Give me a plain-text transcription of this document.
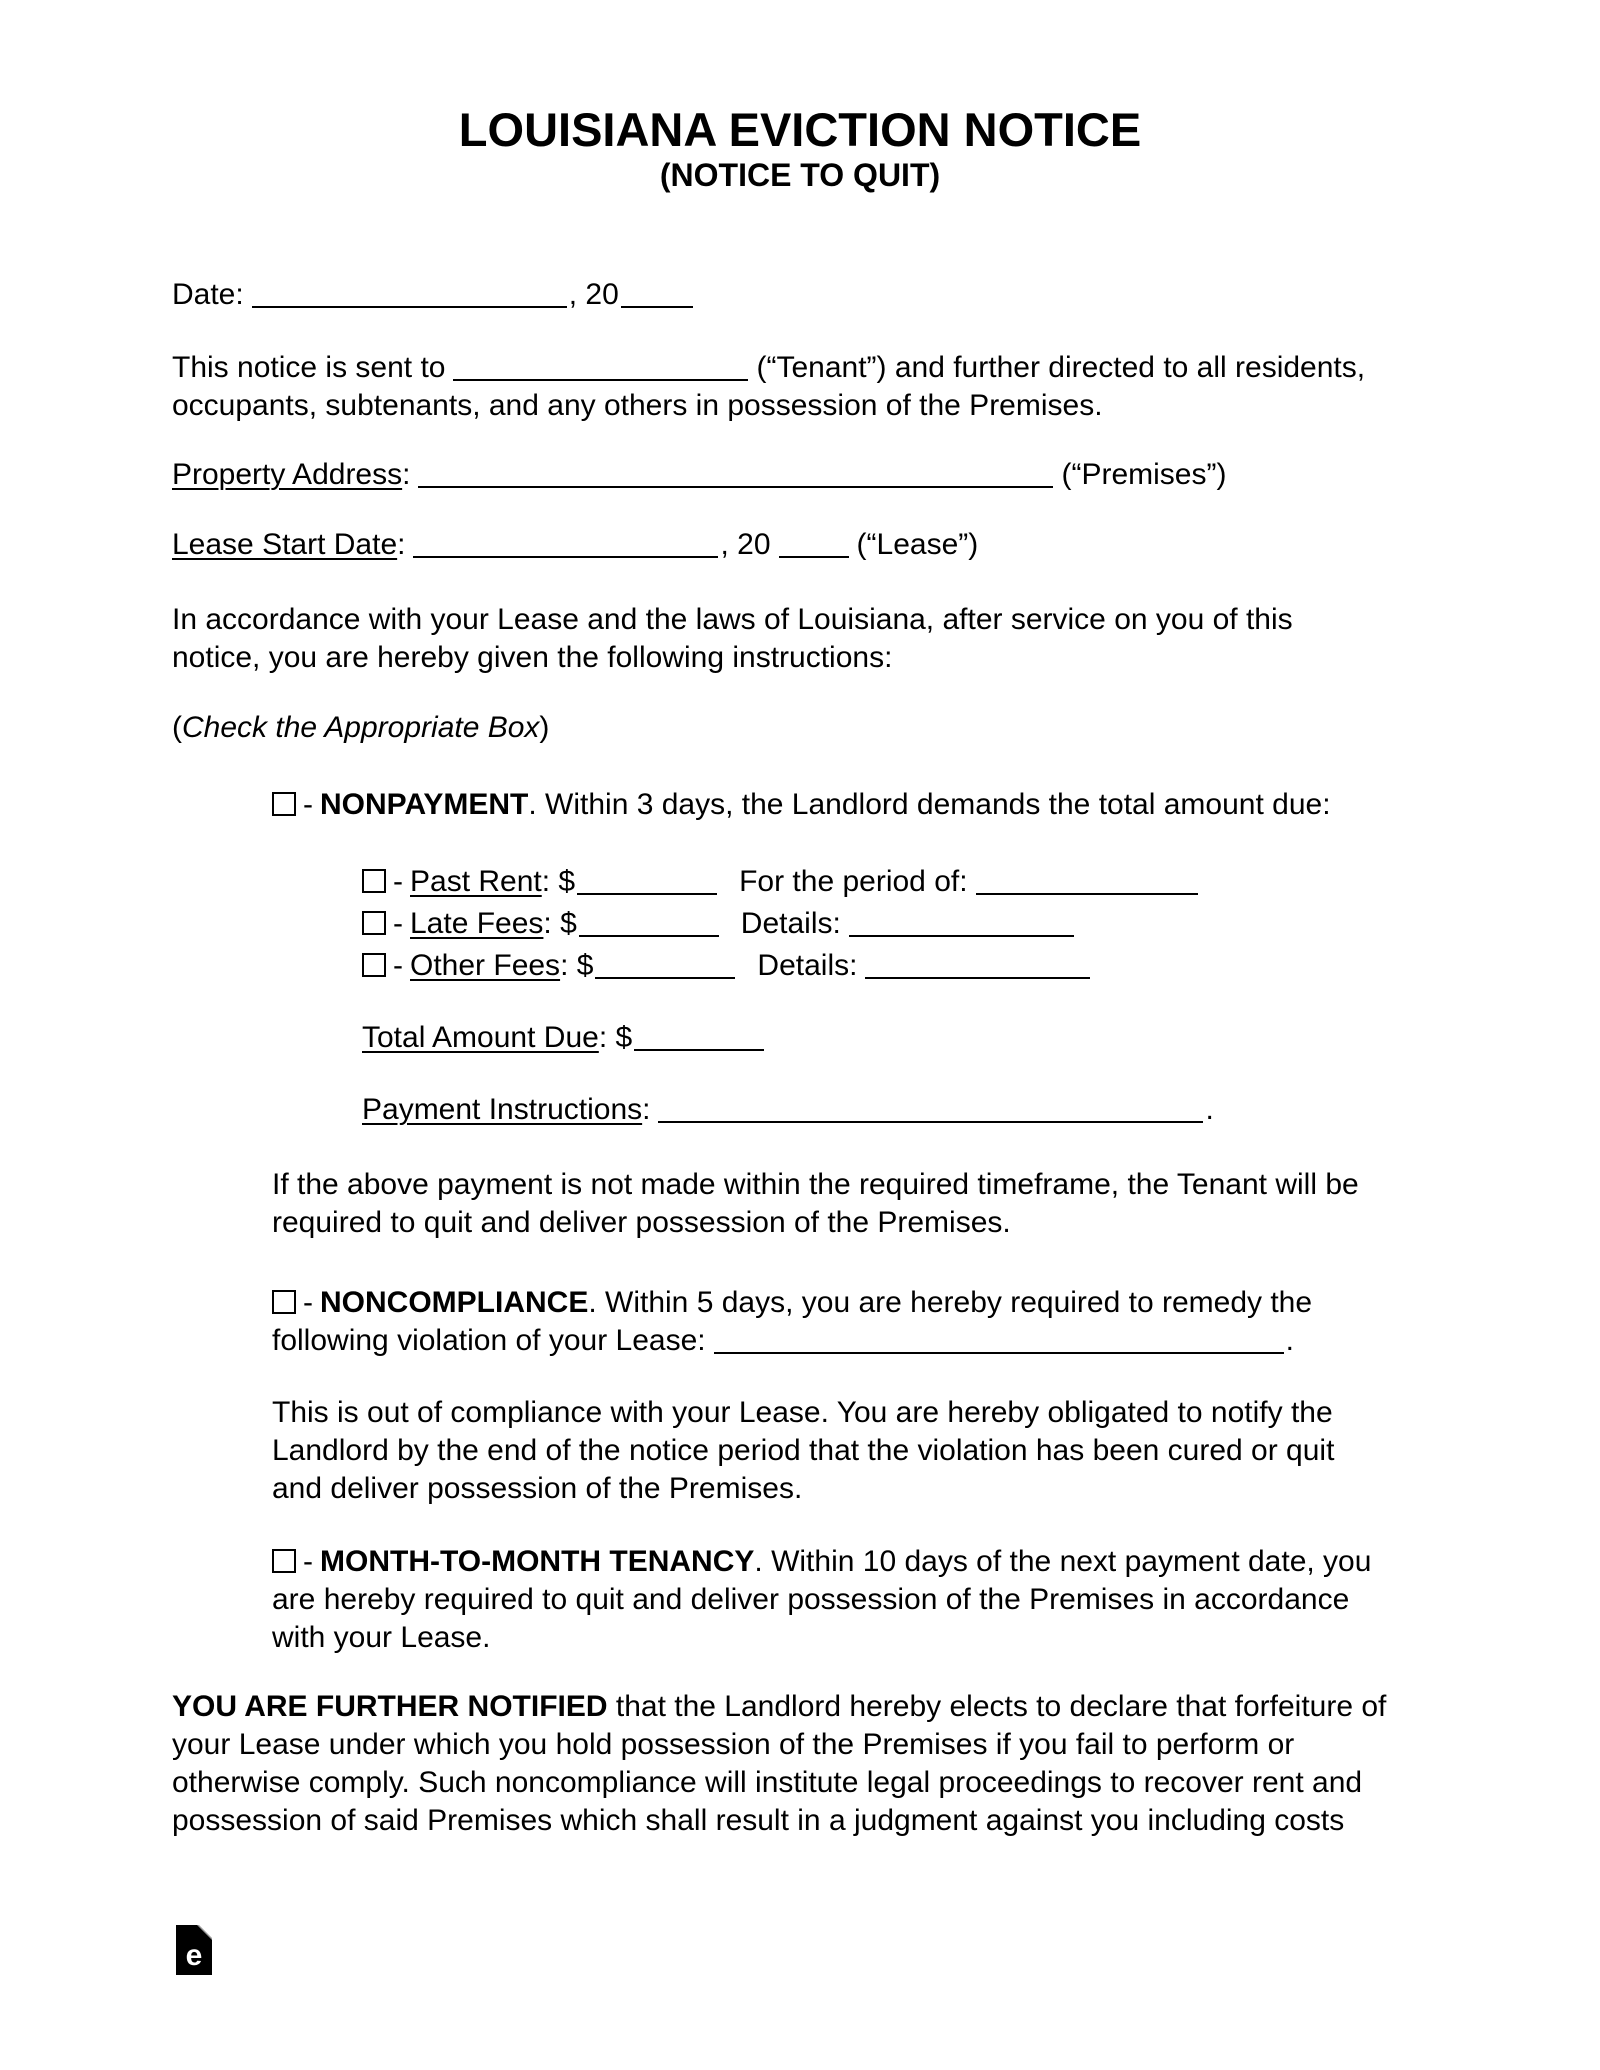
LOUISIANA EVICTION NOTICE
(NOTICE TO QUIT)

Date:	, 20

This notice is sent to	(“Tenant”) and further directed to all residents, occupants, subtenants, and any others in possession of the Premises.

Property Address:	(“Premises”)

Lease Start Date:	, 20	(“Lease”)

In accordance with your Lease and the laws of Louisiana, after service on you of this notice, you are hereby given the following instructions:

(Check the Appropriate Box)

- NONPAYMENT. Within 3 days, the Landlord demands the total amount due:

- Past Rent: $	For the period of:

- Late Fees: $	Details:

- Other Fees: $	Details:

Total Amount Due: $

Payment Instructions:	.

If the above payment is not made within the required timeframe, the Tenant will be required to quit and deliver possession of the Premises.

- NONCOMPLIANCE. Within 5 days, you are hereby required to remedy the following violation of your Lease:	.

This is out of compliance with your Lease. You are hereby obligated to notify the Landlord by the end of the notice period that the violation has been cured or quit and deliver possession of the Premises.

- MONTH-TO-MONTH TENANCY. Within 10 days of the next payment date, you are hereby required to quit and deliver possession of the Premises in accordance with your Lease.

YOU ARE FURTHER NOTIFIED that the Landlord hereby elects to declare that forfeiture of your Lease under which you hold possession of the Premises if you fail to perform or otherwise comply. Such noncompliance will institute legal proceedings to recover rent and possession of said Premises which shall result in a judgment against you including costs

e
